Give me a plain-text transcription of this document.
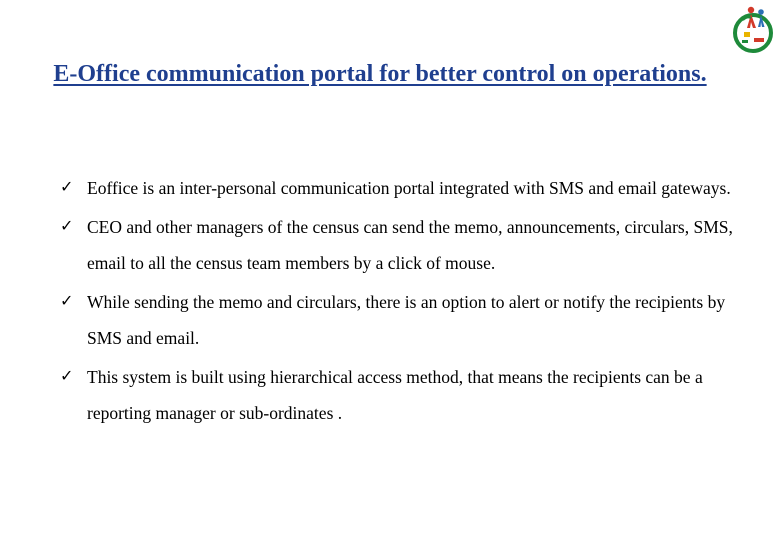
E-Office communication portal for better control on operations.
✓ Eoffice is an inter-personal communication portal integrated with SMS and email gateways.
✓ CEO and other managers of the census can send the memo, announcements, circulars, SMS, email to all the census team members by a click of mouse.
✓ While sending the memo and circulars, there is an option to alert or notify the recipients by SMS and email.
✓ This system is built using hierarchical access method, that means the recipients can be a reporting manager or sub-ordinates .
